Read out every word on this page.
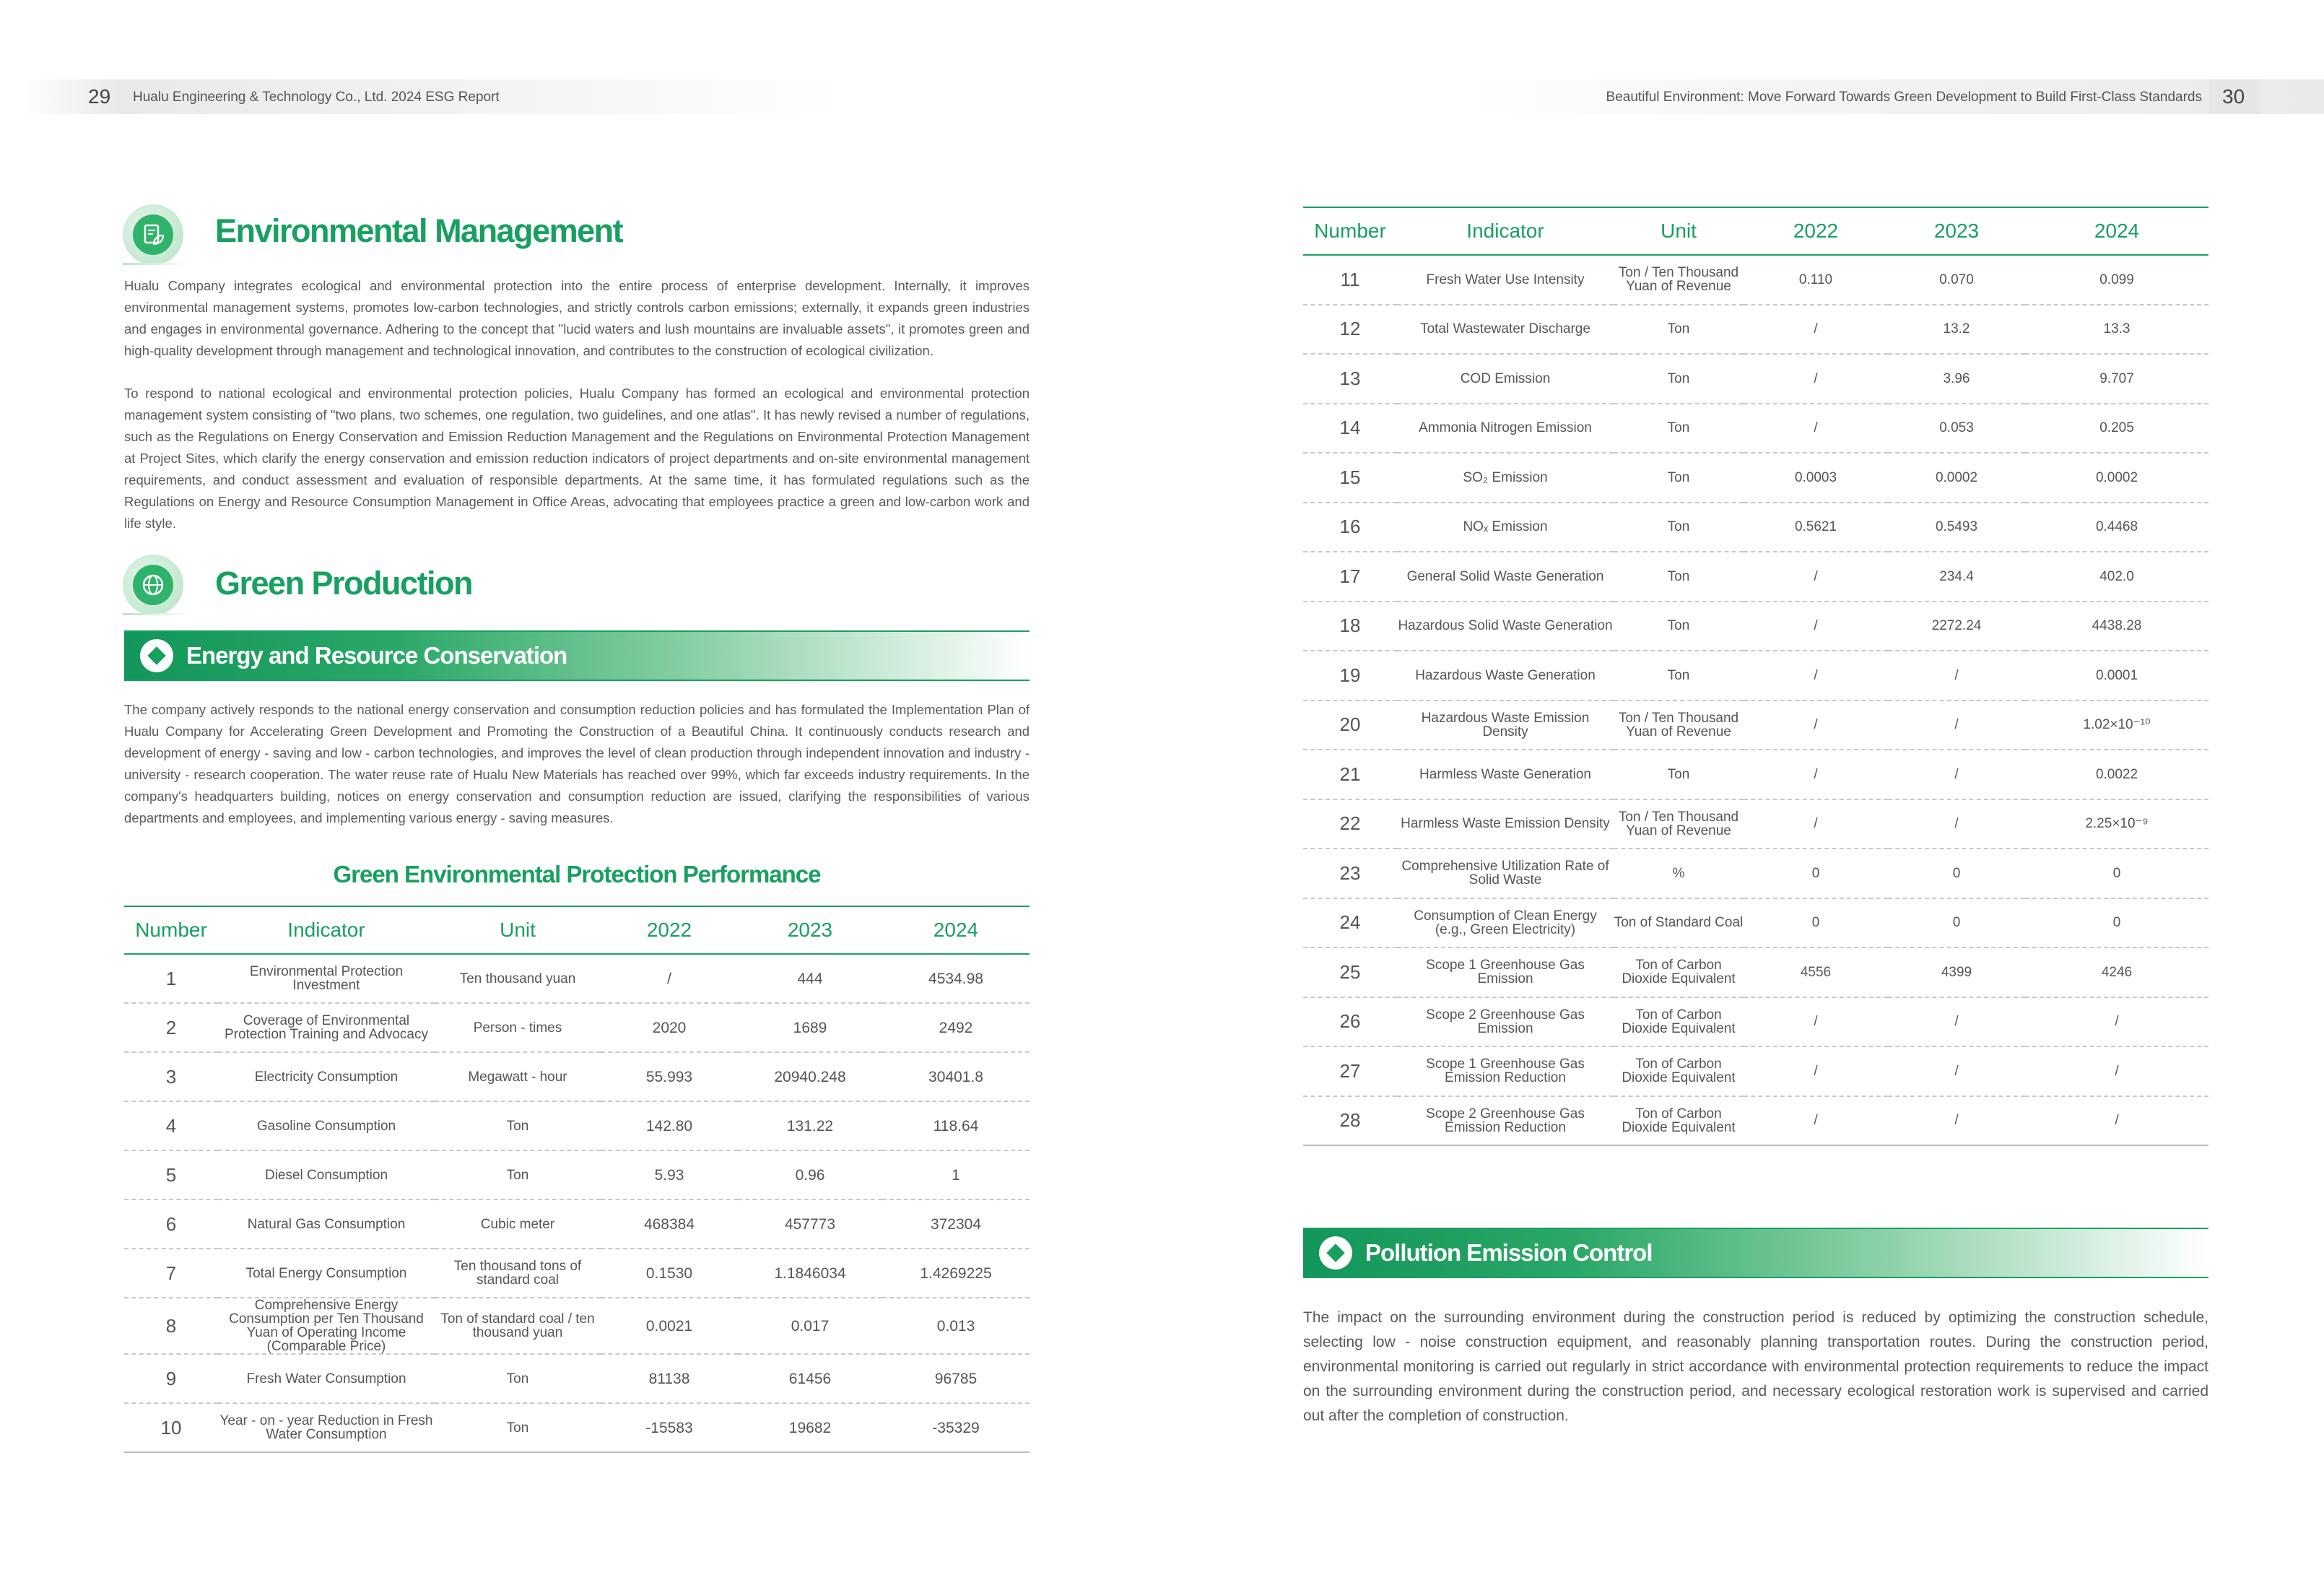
29 Hualu Engineering & Technology Co., Ltd. 2024 ESG Report	Beautiful Environment: Move Forward Towards Green Development to Build First-Class Standards 30
Environmental Management
Hualu Company integrates ecological and environmental protection into the entire process of enterprise development. Internally, it improves environmental management systems, promotes low-carbon technologies, and strictly controls carbon emissions; externally, it expands green industries and engages in environmental governance. Adhering to the concept that "lucid waters and lush mountains are invaluable assets", it promotes green and high-quality development through management and technological innovation, and contributes to the construction of ecological civilization.
To respond to national ecological and environmental protection policies, Hualu Company has formed an ecological and environmental protection management system consisting of "two plans, two schemes, one regulation, two guidelines, and one atlas". It has newly revised a number of regulations, such as the Regulations on Energy Conservation and Emission Reduction Management and the Regulations on Environmental Protection Management at Project Sites, which clarify the energy conservation and emission reduction indicators of project departments and on-site environmental management requirements, and conduct assessment and evaluation of responsible departments. At the same time, it has formulated regulations such as the Regulations on Energy and Resource Consumption Management in Office Areas, advocating that employees practice a green and low-carbon work and life style.
Green Production
Energy and Resource Conservation
The company actively responds to the national energy conservation and consumption reduction policies and has formulated the Implementation Plan of Hualu Company for Accelerating Green Development and Promoting the Construction of a Beautiful China. It continuously conducts research and development of energy - saving and low - carbon technologies, and improves the level of clean production through independent innovation and industry - university - research cooperation. The water reuse rate of Hualu New Materials has reached over 99%, which far exceeds industry requirements. In the company's headquarters building, notices on energy conservation and consumption reduction are issued, clarifying the responsibilities of various departments and employees, and implementing various energy - saving measures.
Green Environmental Protection Performance
Number	Indicator	Unit	2022	2023	2024
1	Environmental Protection Investment	Ten thousand yuan	/	444	4534.98
2	Coverage of Environmental Protection Training and Advocacy	Person - times	2020	1689	2492
3	Electricity Consumption	Megawatt - hour	55.993	20940.248	30401.8
4	Gasoline Consumption	Ton	142.80	131.22	118.64
5	Diesel Consumption	Ton	5.93	0.96	1
6	Natural Gas Consumption	Cubic meter	468384	457773	372304
7	Total Energy Consumption	Ten thousand tons of standard coal	0.1530	1.1846034	1.4269225
8	Comprehensive Energy Consumption per Ten Thousand Yuan of Operating Income (Comparable Price)	Ton of standard coal / ten thousand yuan	0.0021	0.017	0.013
9	Fresh Water Consumption	Ton	81138	61456	96785
10	Year - on - year Reduction in Fresh Water Consumption	Ton	-15583	19682	-35329
Number	Indicator	Unit	2022	2023	2024
11	Fresh Water Use Intensity	Ton / Ten Thousand Yuan of Revenue	0.110	0.070	0.099
12	Total Wastewater Discharge	Ton	/	13.2	13.3
13	COD Emission	Ton	/	3.96	9.707
14	Ammonia Nitrogen Emission	Ton	/	0.053	0.205
15	SO₂ Emission	Ton	0.0003	0.0002	0.0002
16	NOₓ Emission	Ton	0.5621	0.5493	0.4468
17	General Solid Waste Generation	Ton	/	234.4	402.0
18	Hazardous Solid Waste Generation	Ton	/	2272.24	4438.28
19	Hazardous Waste Generation	Ton	/	/	0.0001
20	Hazardous Waste Emission Density	Ton / Ten Thousand Yuan of Revenue	/	/	1.02×10⁻¹⁰
21	Harmless Waste Generation	Ton	/	/	0.0022
22	Harmless Waste Emission Density	Ton / Ten Thousand Yuan of Revenue	/	/	2.25×10⁻⁹
23	Comprehensive Utilization Rate of Solid Waste	%	0	0	0
24	Consumption of Clean Energy (e.g., Green Electricity)	Ton of Standard Coal	0	0	0
25	Scope 1 Greenhouse Gas Emission	Ton of Carbon Dioxide Equivalent	4556	4399	4246
26	Scope 2 Greenhouse Gas Emission	Ton of Carbon Dioxide Equivalent	/	/	/
27	Scope 1 Greenhouse Gas Emission Reduction	Ton of Carbon Dioxide Equivalent	/	/	/
28	Scope 2 Greenhouse Gas Emission Reduction	Ton of Carbon Dioxide Equivalent	/	/	/
Pollution Emission Control
The impact on the surrounding environment during the construction period is reduced by optimizing the construction schedule, selecting low - noise construction equipment, and reasonably planning transportation routes. During the construction period, environmental monitoring is carried out regularly in strict accordance with environmental protection requirements to reduce the impact on the surrounding environment during the construction period, and necessary ecological restoration work is supervised and carried out after the completion of construction.
